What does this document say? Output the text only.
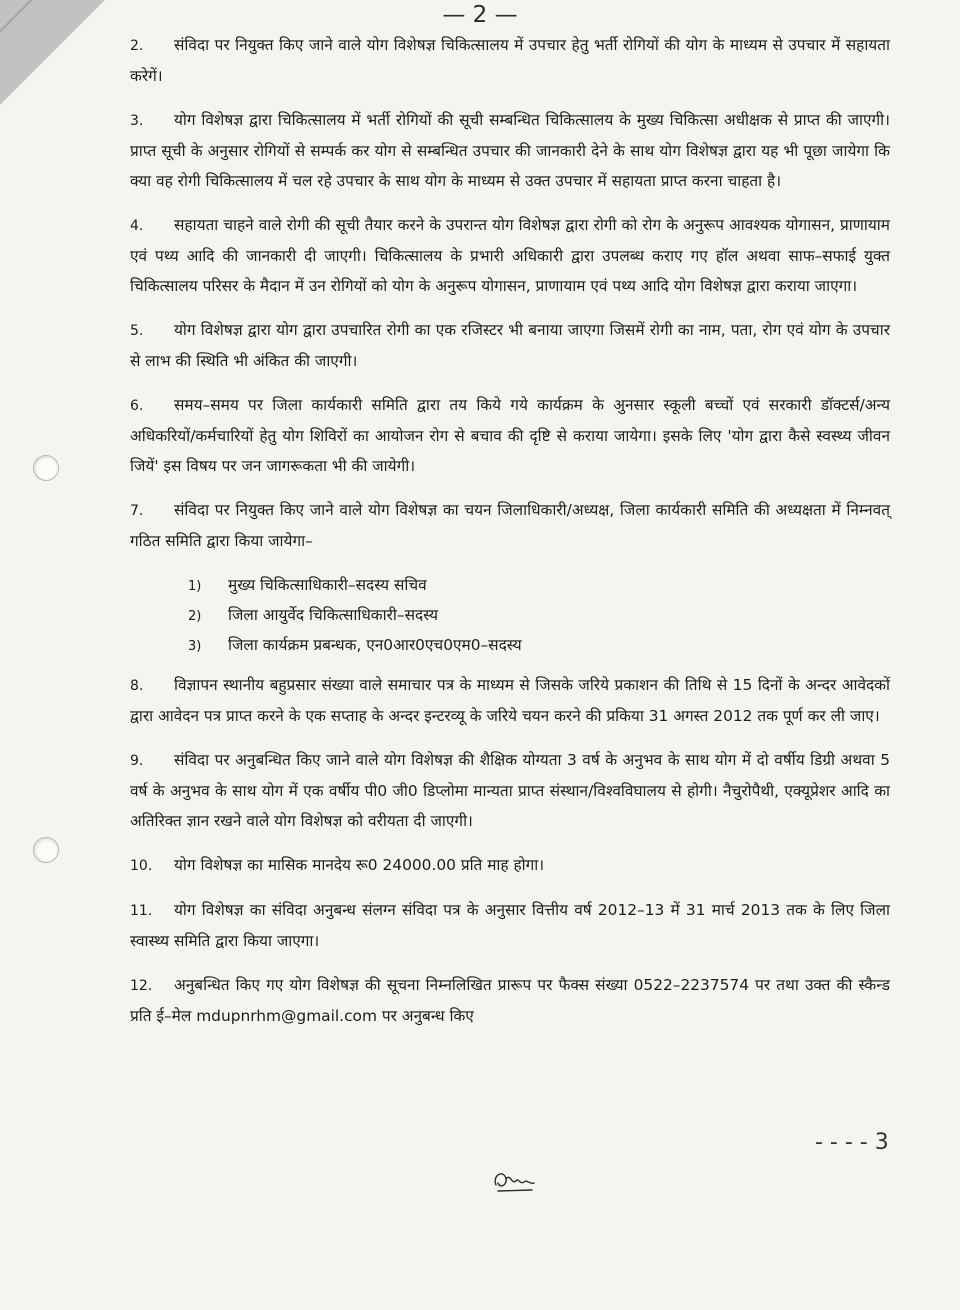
— 2 —
2. संविदा पर नियुक्त किए जाने वाले योग विशेषज्ञ चिकित्सालय में उपचार हेतु भर्ती रोगियों की योग के माध्यम से उपचार में सहायता करेगें।
3. योग विशेषज्ञ द्वारा चिकित्सालय में भर्ती रोगियों की सूची सम्बन्धित चिकित्सालय के मुख्य चिकित्सा अधीक्षक से प्राप्त की जाएगी। प्राप्त सूची के अनुसार रोगियों से सम्पर्क कर योग से सम्बन्धित उपचार की जानकारी देने के साथ योग विशेषज्ञ द्वारा यह भी पूछा जायेगा कि क्या वह रोगी चिकित्सालय में चल रहे उपचार के साथ योग के माध्यम से उक्त उपचार में सहायता प्राप्त करना चाहता है।
4. सहायता चाहने वाले रोगी की सूची तैयार करने के उपरान्त योग विशेषज्ञ द्वारा रोगी को रोग के अनुरूप आवश्यक योगासन, प्राणायाम एवं पथ्य आदि की जानकारी दी जाएगी। चिकित्सालय के प्रभारी अधिकारी द्वारा उपलब्ध कराए गए हॉल अथवा साफ–सफाई युक्त चिकित्सालय परिसर के मैदान में उन रोगियों को योग के अनुरूप योगासन, प्राणायाम एवं पथ्य आदि योग विशेषज्ञ द्वारा कराया जाएगा।
5. योग विशेषज्ञ द्वारा योग द्वारा उपचारित रोगी का एक रजिस्टर भी बनाया जाएगा जिसमें रोगी का नाम, पता, रोग एवं योग के उपचार से लाभ की स्थिति भी अंकित की जाएगी।
6. समय–समय पर जिला कार्यकारी समिति द्वारा तय किये गये कार्यक्रम के अुनसार स्कूली बच्चों एवं सरकारी डॉक्टर्स/अन्य अधिकरियों/कर्मचारियों हेतु योग शिविरों का आयोजन रोग से बचाव की दृष्टि से कराया जायेगा। इसके लिए 'योग द्वारा कैसे स्वस्थ्य जीवन जियें' इस विषय पर जन जागरूकता भी की जायेगी।
7. संविदा पर नियुक्त किए जाने वाले योग विशेषज्ञ का चयन जिलाधिकारी/अध्यक्ष, जिला कार्यकारी समिति की अध्यक्षता में निम्नवत् गठित समिति द्वारा किया जायेगा–
1) मुख्य चिकित्साधिकारी–सदस्य सचिव
2) जिला आयुर्वेद चिकित्साधिकारी–सदस्य
3) जिला कार्यक्रम प्रबन्धक, एन0आर0एच0एम0–सदस्य
8. विज्ञापन स्थानीय बहुप्रसार संख्या वाले समाचार पत्र के माध्यम से जिसके जरिये प्रकाशन की तिथि से 15 दिनों के अन्दर आवेदकों द्वारा आवेदन पत्र प्राप्त करने के एक सप्ताह के अन्दर इन्टरव्यू के जरिये चयन करने की प्रकिया 31 अगस्त 2012 तक पूर्ण कर ली जाए।
9. संविदा पर अनुबन्धित किए जाने वाले योग विशेषज्ञ की शैक्षिक योग्यता 3 वर्ष के अनुभव के साथ योग में दो वर्षीय डिग्री अथवा 5 वर्ष के अनुभव के साथ योग में एक वर्षीय पी0 जी0 डिप्लोमा मान्यता प्राप्त संस्थान/विश्वविघालय से होगी। नैचुरोपैथी, एक्यूप्रेशर आदि का अतिरिक्त ज्ञान रखने वाले योग विशेषज्ञ को वरीयता दी जाएगी।
10. योग विशेषज्ञ का मासिक मानदेय रू0 24000.00 प्रति माह होगा।
11. योग विशेषज्ञ का संविदा अनुबन्ध संलग्न संविदा पत्र के अनुसार वित्तीय वर्ष 2012–13 में 31 मार्च 2013 तक के लिए जिला स्वास्थ्य समिति द्वारा किया जाएगा।
12. अनुबन्धित किए गए योग विशेषज्ञ की सूचना निम्नलिखित प्रारूप पर फैक्स संख्या 0522–2237574 पर तथा उक्त की स्कैन्ड प्रति ई–मेल mdupnrhm@gmail.com पर अनुबन्ध किए
- - - - 3
